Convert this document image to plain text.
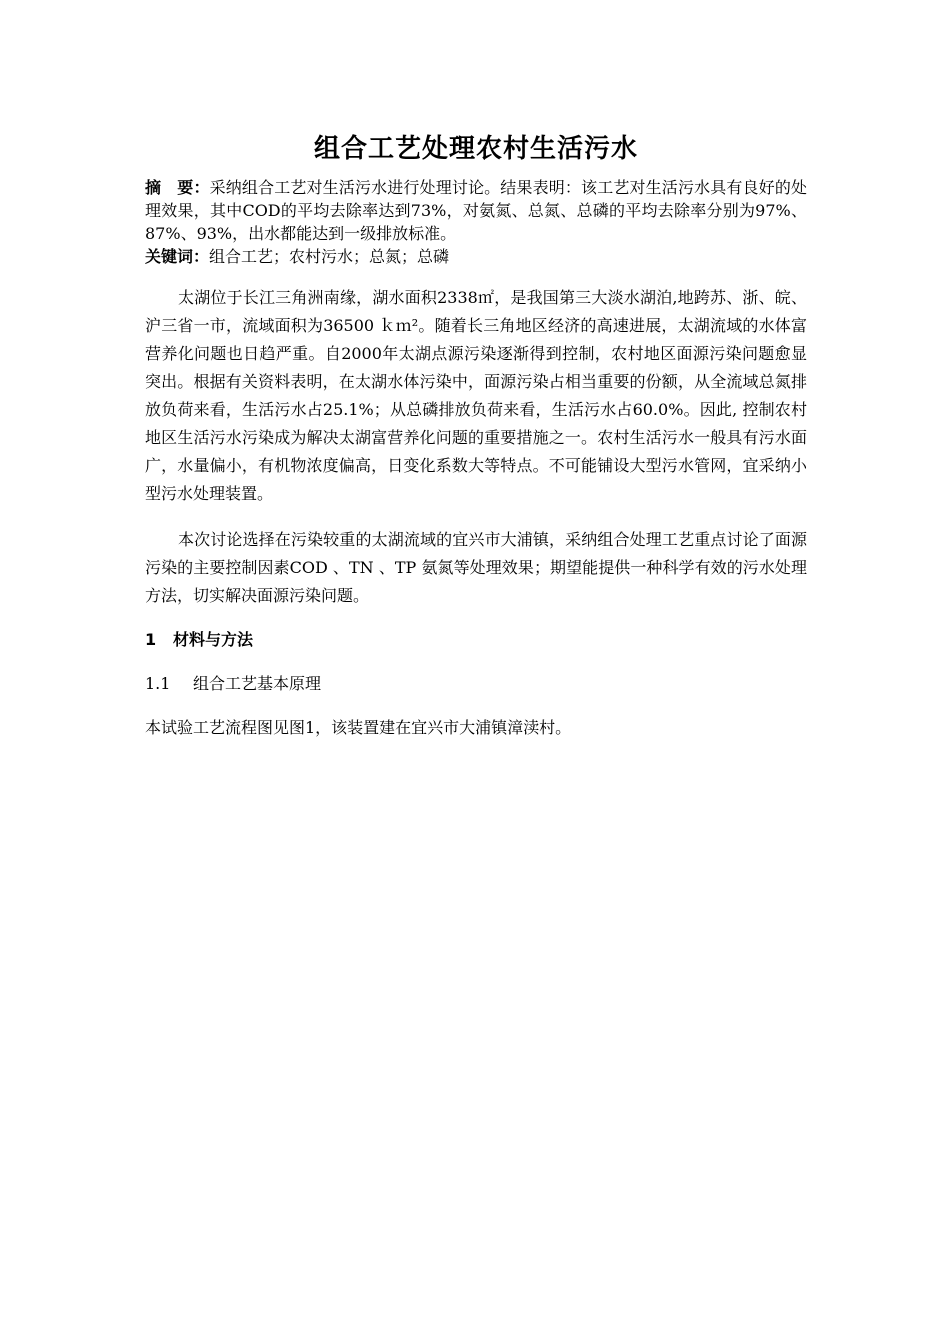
组合工艺处理农村生活污水

摘　要：采纳组合工艺对生活污水进行处理讨论。结果表明：该工艺对生活污水具有良好的处理效果，其中COD的平均去除率达到73%，对氨氮、总氮、总磷的平均去除率分别为97%、87%、93%，出水都能达到一级排放标准。

关键词：组合工艺；农村污水；总氮；总磷

太湖位于长江三角洲南缘，湖水面积2338㎡，是我国第三大淡水湖泊,地跨苏、浙、皖、沪三省一市，流域面积为36500 ｋｍ²。随着长三角地区经济的高速进展，太湖流域的水体富营养化问题也日趋严重。自2000年太湖点源污染逐渐得到控制，农村地区面源污染问题愈显突出。根据有关资料表明，在太湖水体污染中，面源污染占相当重要的份额，从全流域总氮排放负荷来看，生活污水占25.1%；从总磷排放负荷来看，生活污水占60.0%。因此, 控制农村地区生活污水污染成为解决太湖富营养化问题的重要措施之一。农村生活污水一般具有污水面广，水量偏小，有机物浓度偏高，日变化系数大等特点。不可能铺设大型污水管网，宜采纳小型污水处理装置。

本次讨论选择在污染较重的太湖流域的宜兴市大浦镇，采纳组合处理工艺重点讨论了面源污染的主要控制因素COD 、TN 、TP 氨氮等处理效果；期望能提供一种科学有效的污水处理方法，切实解决面源污染问题。

1 材料与方法
1.1 组合工艺基本原理

本试验工艺流程图见图1，该装置建在宜兴市大浦镇漳渎村。
